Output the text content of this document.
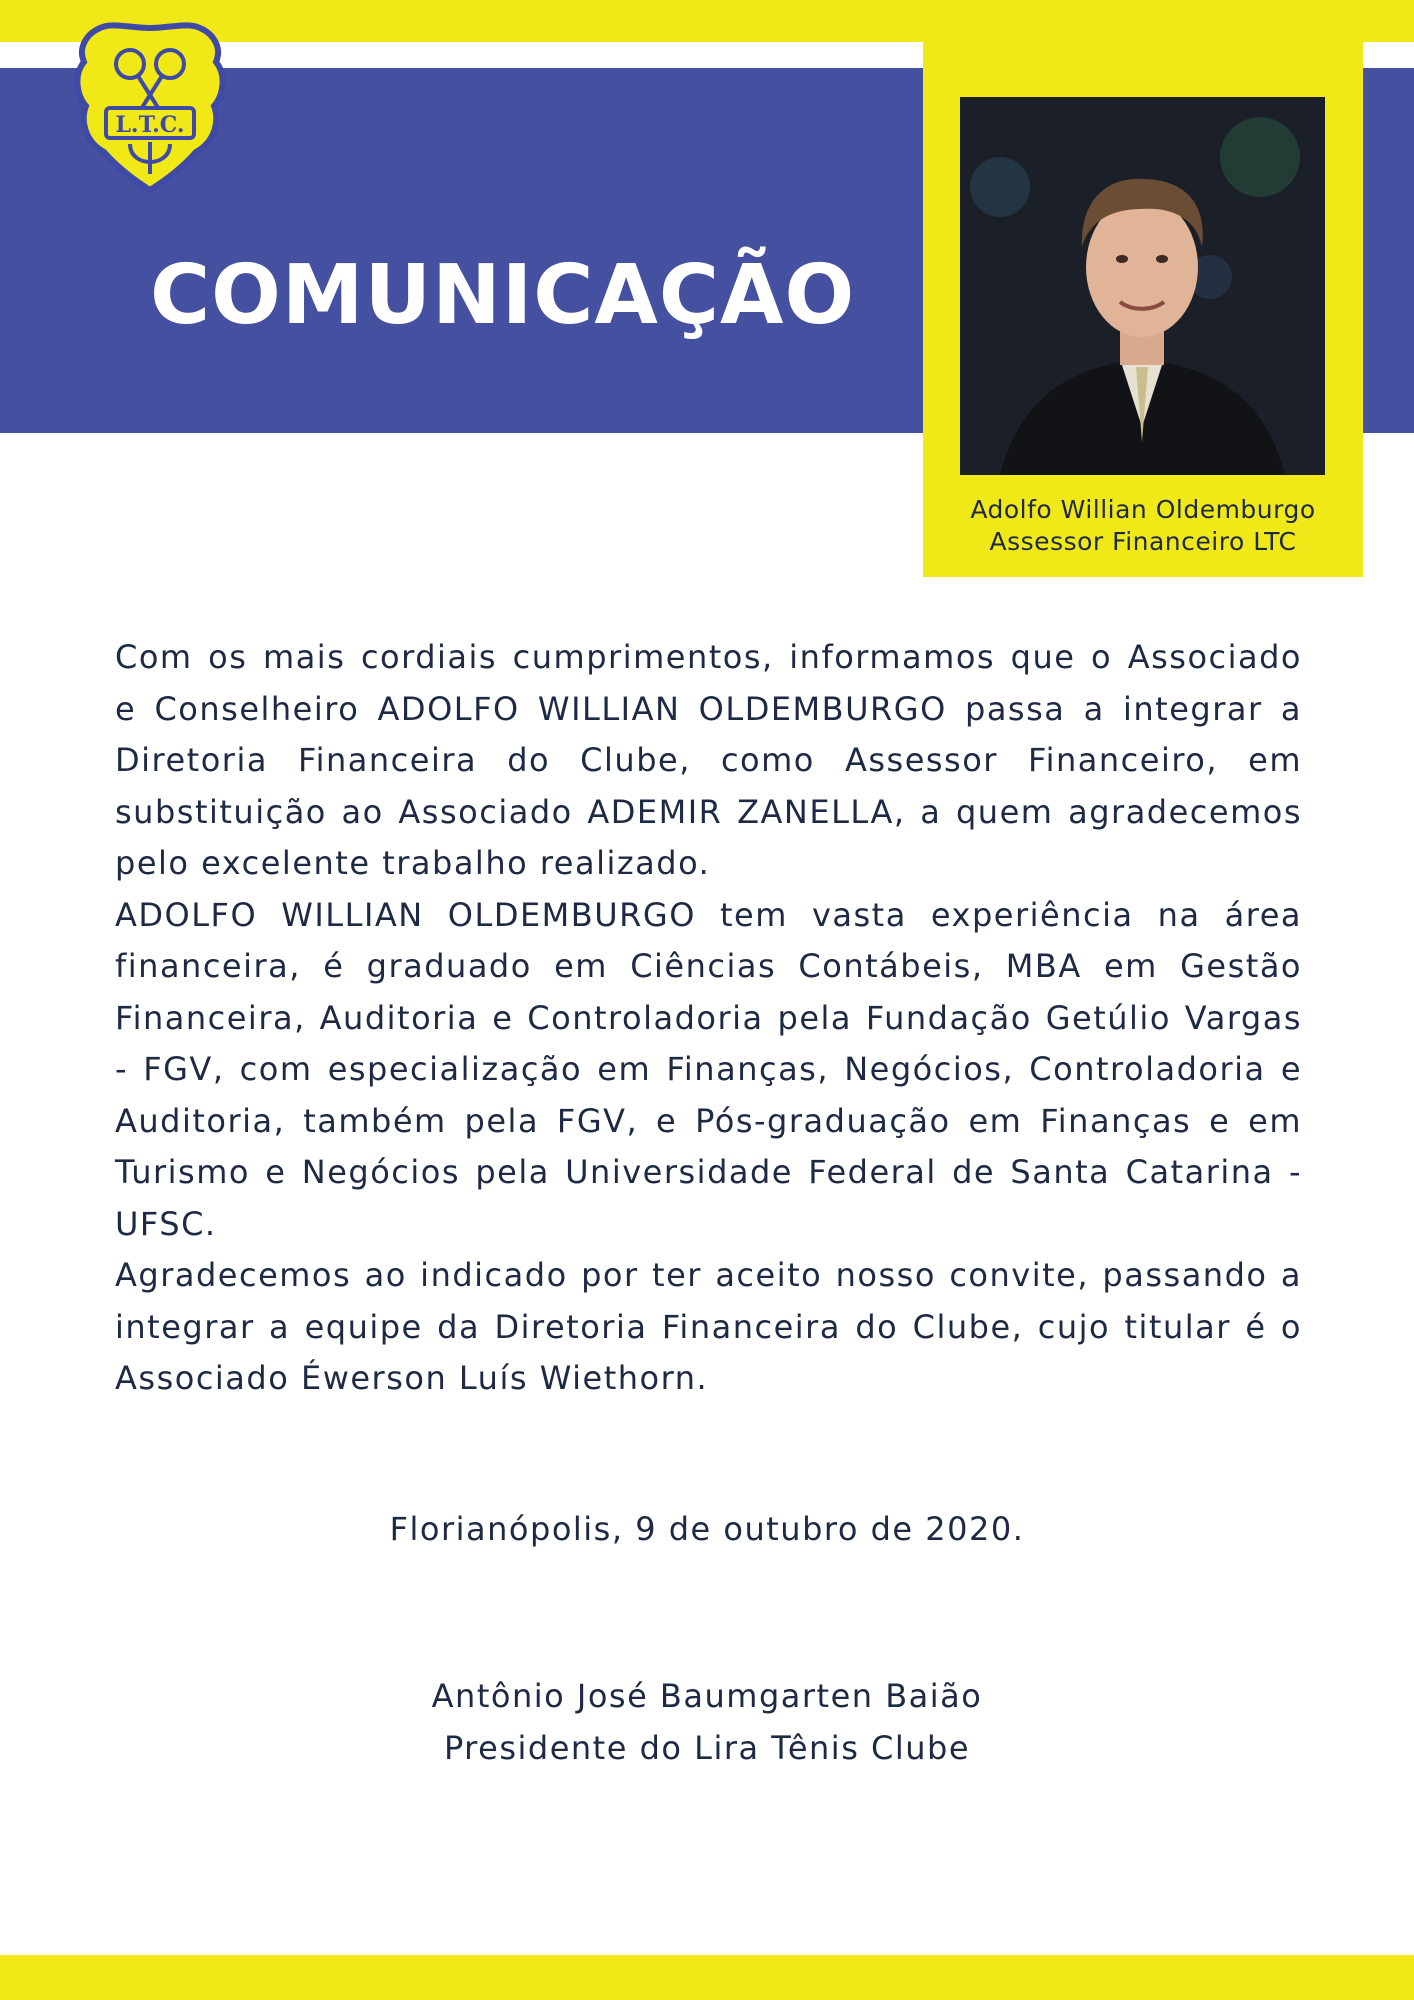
L.T.C.
COMUNICAÇÃO
Adolfo Willian Oldemburgo
Assessor Financeiro LTC

Com os mais cordiais cumprimentos, informamos que o Associado e Conselheiro ADOLFO WILLIAN OLDEMBURGO passa a integrar a Diretoria Financeira do Clube, como Assessor Financeiro, em substituição ao Associado ADEMIR ZANELLA, a quem agradecemos pelo excelente trabalho realizado.

ADOLFO WILLIAN OLDEMBURGO tem vasta experiência na área financeira, é graduado em Ciências Contábeis, MBA em Gestão Financeira, Auditoria e Controladoria pela Fundação Getúlio Vargas - FGV, com especialização em Finanças, Negócios, Controladoria e Auditoria, também pela FGV, e Pós-graduação em Finanças e em Turismo e Negócios pela Universidade Federal de Santa Catarina - UFSC.

Agradecemos ao indicado por ter aceito nosso convite, passando a integrar a equipe da Diretoria Financeira do Clube, cujo titular é o Associado Éwerson Luís Wiethorn.

Florianópolis, 9 de outubro de 2020.
Antônio José Baumgarten Baião
Presidente do Lira Tênis Clube
